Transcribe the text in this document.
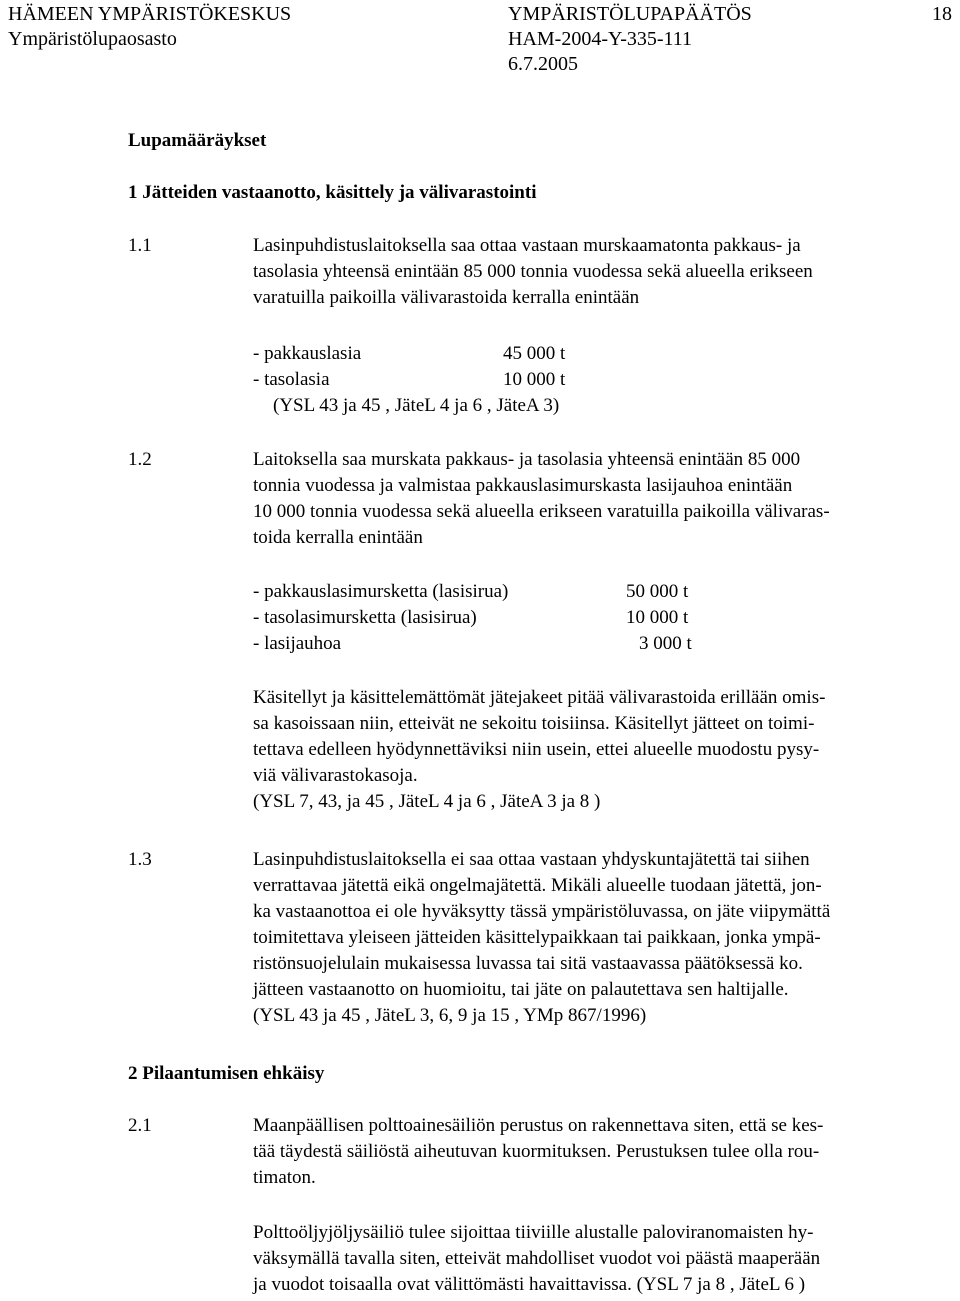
HÄMEEN YMPÄRISTÖKESKUS
Ympäristölupaosasto
YMPÄRISTÖLUPAPÄÄTÖS
HAM-2004-Y-335-111
6.7.2005
18
Lupamääräykset
1 Jätteiden vastaanotto, käsittely ja välivarastointi
1.1	Lasinpuhdistuslaitoksella saa ottaa vastaan murskaamatonta pakkaus- ja
tasolasia yhteensä enintään 85 000 tonnia vuodessa sekä alueella erikseen
varatuilla paikoilla välivarastoida kerralla enintään
- pakkauslasia	45 000 t
- tasolasia	10 000 t
(YSL 43 ja 45 , JäteL 4 ja 6 , JäteA 3)
1.2	Laitoksella saa murskata pakkaus- ja tasolasia yhteensä enintään 85 000
tonnia vuodessa ja valmistaa pakkauslasimurskasta lasijauhoa enintään
10 000 tonnia vuodessa sekä alueella erikseen varatuilla paikoilla välivaras-
toida kerralla enintään
- pakkauslasimursketta (lasisirua)	50 000 t
- tasolasimursketta (lasisirua)	10 000 t
- lasijauhoa	3 000 t
Käsitellyt ja käsittelemättömät jätejakeet pitää välivarastoida erillään omis-
sa kasoissaan niin, etteivät ne sekoitu toisiinsa. Käsitellyt jätteet on toimi-
tettava edelleen hyödynnettäviksi niin usein, ettei alueelle muodostu pysy-
viä välivarastokasoja.
(YSL 7, 43, ja 45 , JäteL 4 ja 6 , JäteA 3 ja 8 )
1.3	Lasinpuhdistuslaitoksella ei saa ottaa vastaan yhdyskuntajätettä tai siihen
verrattavaa jätettä eikä ongelmajätettä. Mikäli alueelle tuodaan jätettä, jon-
ka vastaanottoa ei ole hyväksytty tässä ympäristöluvassa, on jäte viipymättä
toimitettava yleiseen jätteiden käsittelypaikkaan tai paikkaan, jonka ympä-
ristönsuojelulain mukaisessa luvassa tai sitä vastaavassa päätöksessä ko.
jätteen vastaanotto on huomioitu, tai jäte on palautettava sen haltijalle.
(YSL 43 ja 45 , JäteL 3, 6, 9 ja 15 , YMp 867/1996)
2 Pilaantumisen ehkäisy
2.1	Maanpäällisen polttoainesäiliön perustus on rakennettava siten, että se kes-
tää täydestä säiliöstä aiheutuvan kuormituksen. Perustuksen tulee olla rou-
timaton.
Polttoöljyjöljysäiliö tulee sijoittaa tiiviille alustalle paloviranomaisten hy-
väksymällä tavalla siten, etteivät mahdolliset vuodot voi päästä maaperään
ja vuodot toisaalla ovat välittömästi havaittavissa. (YSL 7 ja 8 , JäteL 6 )
